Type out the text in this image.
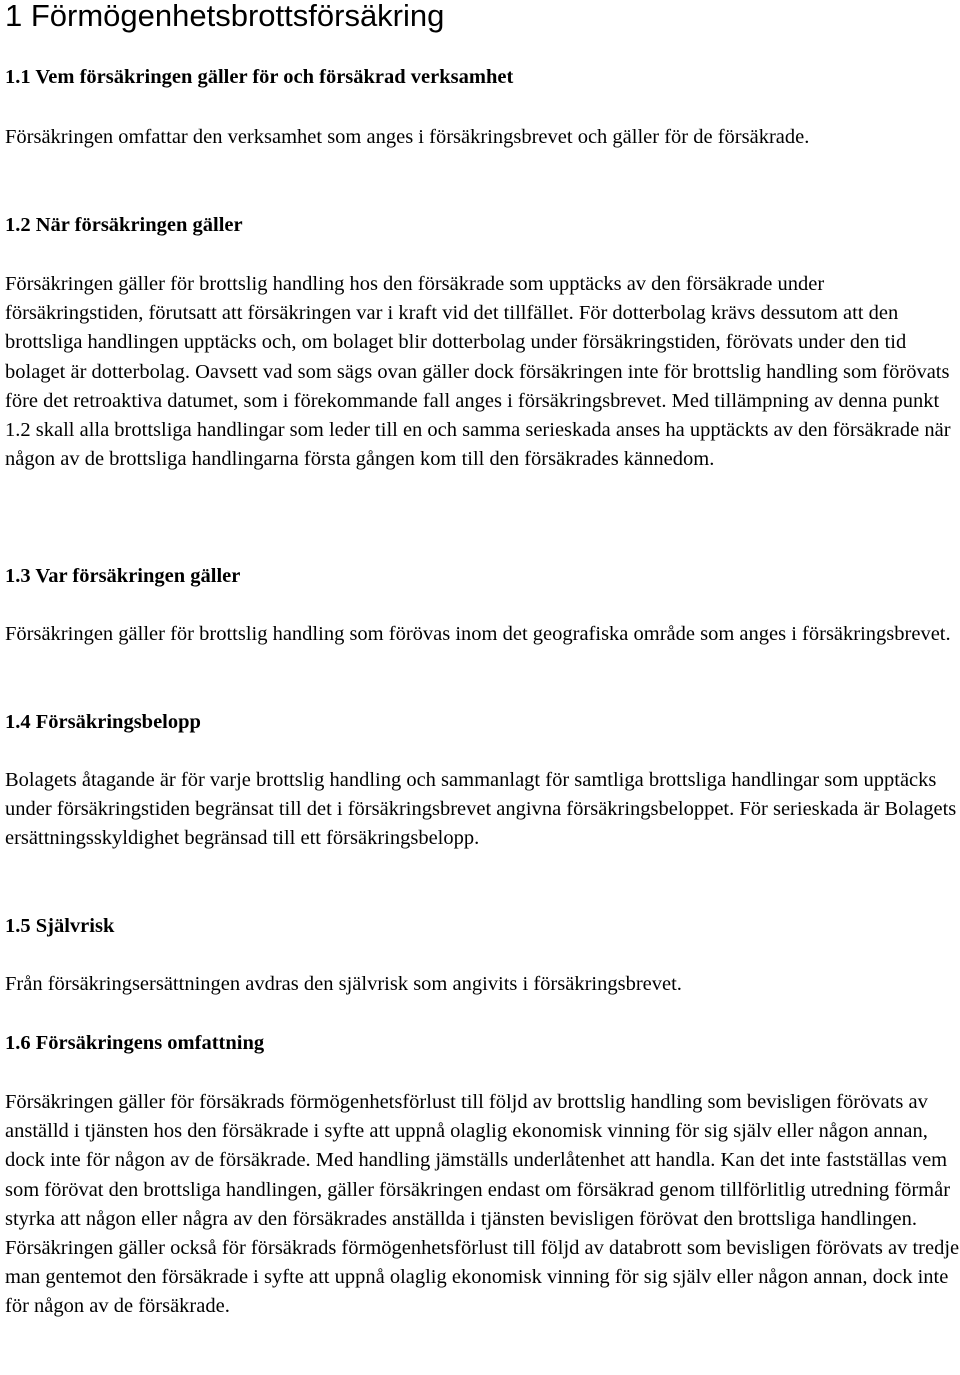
1 Förmögenhetsbrottsförsäkring
1.1 Vem försäkringen gäller för och försäkrad verksamhet

Försäkringen omfattar den verksamhet som anges i försäkringsbrevet och gäller för de försäkrade.

1.2 När försäkringen gäller

Försäkringen gäller för brottslig handling hos den försäkrade som upptäcks av den försäkrade under försäkringstiden, förutsatt att försäkringen var i kraft vid det tillfället. För dotterbolag krävs dessutom att den brottsliga handlingen upptäcks och, om bolaget blir dotterbolag under försäkringstiden, förövats under den tid bolaget är dotterbolag. Oavsett vad som sägs ovan gäller dock försäkringen inte för brottslig handling som förövats före det retroaktiva datumet, som i förekommande fall anges i försäkringsbrevet. Med tillämpning av denna punkt 1.2 skall alla brottsliga handlingar som leder till en och samma serieskada anses ha upptäckts av den försäkrade när någon av de brottsliga handlingarna första gången kom till den försäkrades kännedom.

1.3 Var försäkringen gäller

Försäkringen gäller för brottslig handling som förövas inom det geografiska område som anges i försäkringsbrevet.

1.4 Försäkringsbelopp

Bolagets åtagande är för varje brottslig handling och sammanlagt för samtliga brottsliga handlingar som upptäcks under försäkringstiden begränsat till det i försäkringsbrevet angivna försäkringsbeloppet. För serieskada är Bolagets ersättningsskyldighet begränsad till ett försäkringsbelopp.

1.5 Självrisk

Från försäkringsersättningen avdras den självrisk som angivits i försäkringsbrevet.

1.6 Försäkringens omfattning

Försäkringen gäller för försäkrads förmögenhetsförlust till följd av brottslig handling som bevisligen förövats av anställd i tjänsten hos den försäkrade i syfte att uppnå olaglig ekonomisk vinning för sig själv eller någon annan, dock inte för någon av de försäkrade. Med handling jämställs underlåtenhet att handla. Kan det inte fastställas vem som förövat den brottsliga handlingen, gäller försäkringen endast om försäkrad genom tillförlitlig utredning förmår styrka att någon eller några av den försäkrades anställda i tjänsten bevisligen förövat den brottsliga handlingen. Försäkringen gäller också för försäkrads förmögenhetsförlust till följd av databrott som bevisligen förövats av tredje man gentemot den försäkrade i syfte att uppnå olaglig ekonomisk vinning för sig själv eller någon annan, dock inte för någon av de försäkrade.
